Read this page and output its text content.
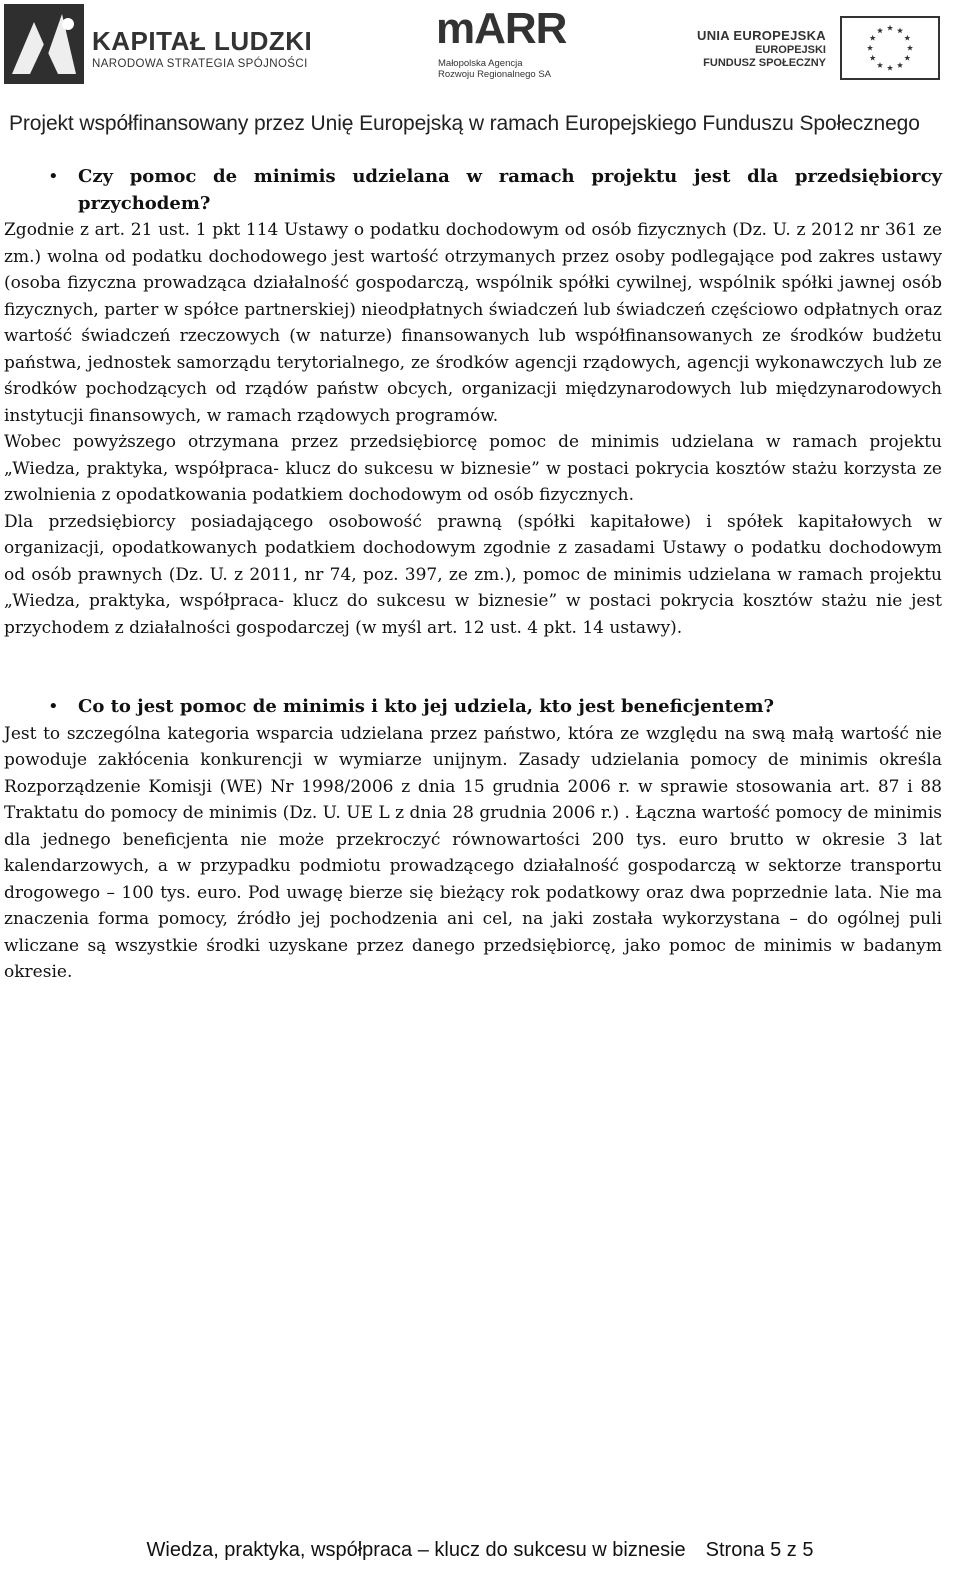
KAPITAŁ LUDZKI
NARODOWA STRATEGIA SPÓJNOŚCI
mARR
Małopolska Agencja
Rozwoju Regionalnego SA
UNIA EUROPEJSKA
EUROPEJSKI
FUNDUSZ SPOŁECZNY
Projekt współfinansowany przez Unię Europejską w ramach Europejskiego Funduszu Społecznego
• Czy pomoc de minimis udzielana w ramach projektu jest dla przedsiębiorcy przychodem?

Zgodnie z art. 21 ust. 1 pkt 114 Ustawy o podatku dochodowym od osób fizycznych (Dz. U. z 2012 nr 361 ze zm.) wolna od podatku dochodowego jest wartość otrzymanych przez osoby podlegające pod zakres ustawy (osoba fizyczna prowadząca działalność gospodarczą, wspólnik spółki cywilnej, wspólnik spółki jawnej osób fizycznych, parter w spółce partnerskiej) nieodpłatnych świadczeń lub świadczeń częściowo odpłatnych oraz wartość świadczeń rzeczowych (w naturze) finansowanych lub współfinansowanych ze środków budżetu państwa, jednostek samorządu terytorialnego, ze środków agencji rządowych, agencji wykonawczych lub ze środków pochodzących od rządów państw obcych, organizacji międzynarodowych lub międzynarodowych instytucji finansowych, w ramach rządowych programów.

Wobec powyższego otrzymana przez przedsiębiorcę pomoc de minimis udzielana w ramach projektu „Wiedza, praktyka, współpraca- klucz do sukcesu w biznesie” w postaci pokrycia kosztów stażu korzysta ze zwolnienia z opodatkowania podatkiem dochodowym od osób fizycznych.

Dla przedsiębiorcy posiadającego osobowość prawną (spółki kapitałowe) i spółek kapitałowych w organizacji, opodatkowanych podatkiem dochodowym zgodnie z zasadami Ustawy o podatku dochodowym od osób prawnych (Dz. U. z 2011, nr 74, poz. 397, ze zm.), pomoc de minimis udzielana w ramach projektu „Wiedza, praktyka, współpraca- klucz do sukcesu w biznesie” w postaci pokrycia kosztów stażu nie jest przychodem z działalności gospodarczej (w myśl art. 12 ust. 4 pkt. 14 ustawy).

• Co to jest pomoc de minimis i kto jej udziela, kto jest beneficjentem?

Jest to szczególna kategoria wsparcia udzielana przez państwo, która ze względu na swą małą wartość nie powoduje zakłócenia konkurencji w wymiarze unijnym. Zasady udzielania pomocy de minimis określa Rozporządzenie Komisji (WE) Nr 1998/2006 z dnia 15 grudnia 2006 r. w sprawie stosowania art. 87 i 88 Traktatu do pomocy de minimis (Dz. U. UE L z dnia 28 grudnia 2006 r.) . Łączna wartość pomocy de minimis dla jednego beneficjenta nie może przekroczyć równowartości 200 tys. euro brutto w okresie 3 lat kalendarzowych, a w przypadku podmiotu prowadzącego działalność gospodarczą w sektorze transportu drogowego – 100 tys. euro. Pod uwagę bierze się bieżący rok podatkowy oraz dwa poprzednie lata. Nie ma znaczenia forma pomocy, źródło jej pochodzenia ani cel, na jaki została wykorzystana – do ogólnej puli wliczane są wszystkie środki uzyskane przez danego przedsiębiorcę, jako pomoc de minimis w badanym okresie.

Wiedza, praktyka, współpraca – klucz do sukcesu w biznesie Strona 5 z 5
